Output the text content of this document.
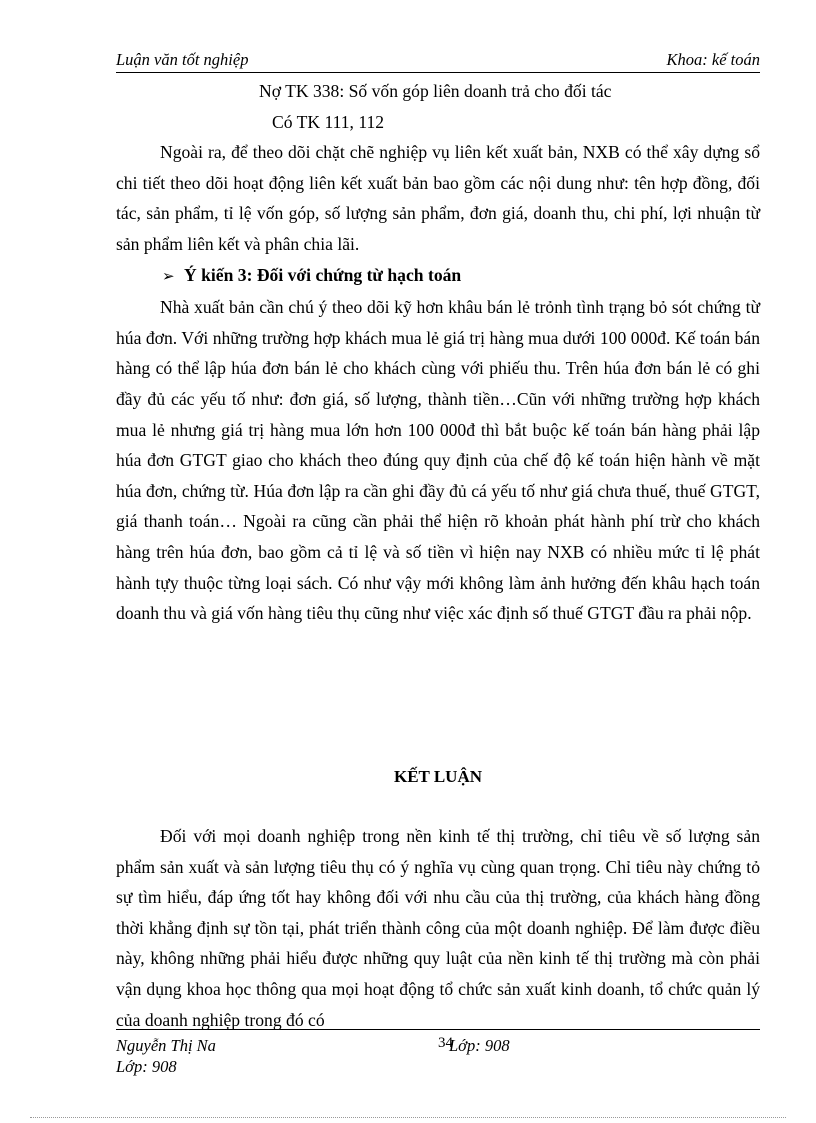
Luận văn tốt nghiệp	Khoa: kế toán

Nợ TK 338: Số vốn góp liên doanh trả cho đối tác

Có TK 111, 112

Ngoài ra, để theo dõi chặt chẽ nghiệp vụ liên kết xuất bản, NXB có thể xây dựng sổ chi tiết theo dõi hoạt động liên kết xuất bản bao gồm các nội dung như: tên hợp đồng, đối tác, sản phẩm, tỉ lệ vốn góp, số lượng sản phẩm, đơn giá, doanh thu, chi phí, lợi nhuận từ sản phẩm liên kết và phân chia lãi.

➢ Ý kiến 3: Đối với chứng từ hạch toán

Nhà xuất bản cần chú ý theo dõi kỹ hơn khâu bán lẻ trỏnh tình trạng bỏ sót chứng từ húa đơn. Với những trường hợp khách mua lẻ giá trị hàng mua dưới 100 000đ. Kế toán bán hàng có thể lập húa đơn bán lẻ cho khách cùng với phiếu thu. Trên húa đơn bán lẻ có ghi đầy đủ các yếu tố như: đơn giá, số lượng, thành tiền…Cũn với những trường hợp khách mua lẻ nhưng giá trị hàng mua lớn hơn 100 000đ thì bắt buộc kế toán bán hàng phải lập húa đơn GTGT giao cho khách theo đúng quy định của chế độ kế toán hiện hành về mặt húa đơn, chứng từ. Húa đơn lập ra cần ghi đầy đủ cá yếu tố như giá chưa thuế, thuế GTGT, giá thanh toán… Ngoài ra cũng cần phải thể hiện rõ khoản phát hành phí trừ cho khách hàng trên húa đơn, bao gồm cả tỉ lệ và số tiền vì hiện nay NXB có nhiều mức tỉ lệ phát hành tựy thuộc từng loại sách. Có như vậy mới không làm ảnh hưởng đến khâu hạch toán doanh thu và giá vốn hàng tiêu thụ cũng như việc xác định số thuế GTGT đầu ra phải nộp.

KẾT LUẬN

Đối với mọi doanh nghiệp trong nền kinh tế thị trường, chỉ tiêu về số lượng sản phẩm sản xuất và sản lượng tiêu thụ có ý nghĩa vụ cùng quan trọng. Chỉ tiêu này chứng tỏ sự tìm hiểu, đáp ứng tốt hay không đối với nhu cầu của thị trường, của khách hàng đồng thời khẳng định sự tồn tại, phát triển thành công của một doanh nghiệp. Để làm được điều này, không những phải hiểu được những quy luật của nền kinh tế thị trường mà còn phải vận dụng khoa học thông qua mọi hoạt động tổ chức sản xuất kinh doanh, tổ chức quản lý của doanh nghiệp trong đó có

Nguyễn Thị Na
Lớp: 908
34
Lớp: 908
